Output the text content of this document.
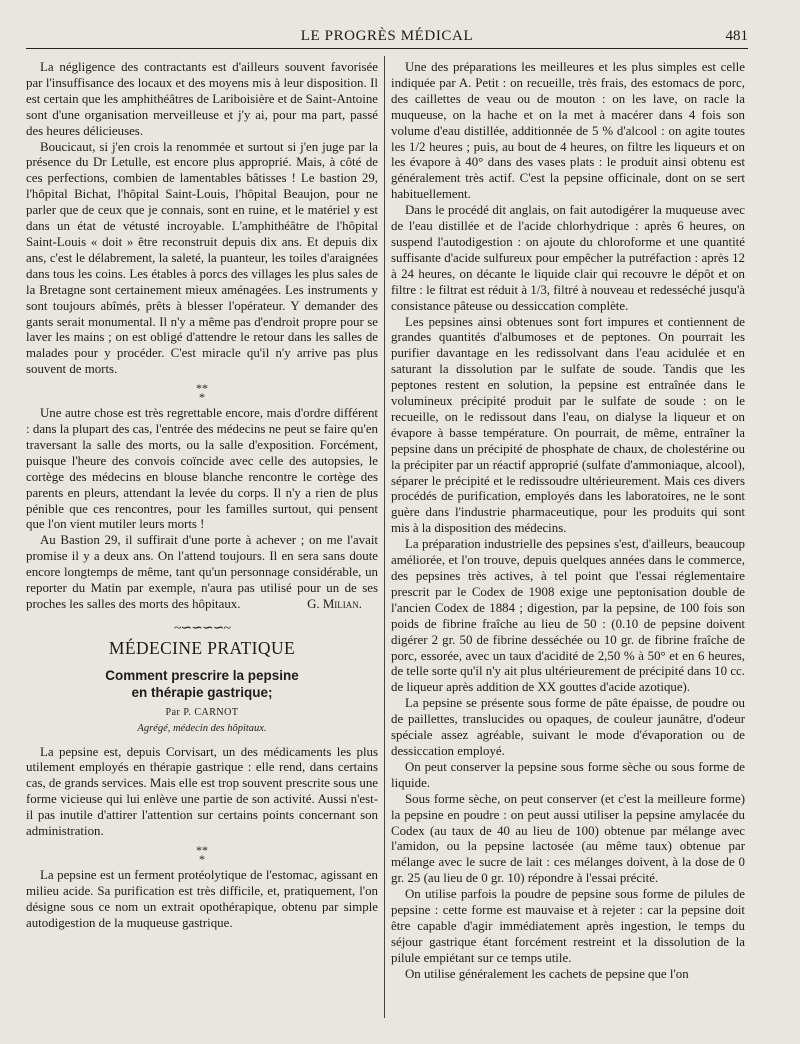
LE PROGRÈS MÉDICAL	481

La négligence des contractants est d'ailleurs souvent favorisée par l'insuffisance des locaux et des moyens mis à leur disposition. Il est certain que les amphithéâtres de Lariboisière et de Saint-Antoine sont d'une organisation merveilleuse et j'y ai, pour ma part, passé des heures délicieuses.

Boucicaut, si j'en crois la renommée et surtout si j'en juge par la présence du Dr Letulle, est encore plus approprié. Mais, à côté de ces perfections, combien de lamentables bâtisses ! Le bastion 29, l'hôpital Bichat, l'hôpital Saint-Louis, l'hôpital Beaujon, pour ne parler que de ceux que je connais, sont en ruine, et le matériel y est dans un état de vétusté incroyable. L'amphithéâtre de l'hôpital Saint-Louis « doit » être reconstruit depuis dix ans. Et depuis dix ans, c'est le délabrement, la saleté, la puanteur, les toiles d'araignées dans tous les coins. Les étables à porcs des villages les plus sales de la Bretagne sont certainement mieux aménagées. Les instruments y sont toujours abîmés, prêts à blesser l'opérateur. Y demander des gants serait monumental. Il n'y a même pas d'endroit propre pour se laver les mains ; on est obligé d'attendre le retour dans les salles de malades pour y procéder. C'est miracle qu'il n'y arrive pas plus souvent de morts.

**
*

Une autre chose est très regrettable encore, mais d'ordre différent : dans la plupart des cas, l'entrée des médecins ne peut se faire qu'en traversant la salle des morts, ou la salle d'exposition. Forcément, puisque l'heure des convois coïncide avec celle des autopsies, le cortège des médecins en blouse blanche rencontre le cortège des parents en pleurs, attendant la levée du corps. Il n'y a rien de plus pénible que ces rencontres, pour les familles surtout, qui pensent que l'on vient mutiler leurs morts !

Au Bastion 29, il suffirait d'une porte à achever ; on me l'avait promise il y a deux ans. On l'attend toujours. Il en sera sans doute encore longtemps de même, tant qu'un personnage considérable, un reporter du Matin par exemple, n'aura pas utilisé pour un de ses proches les salles des morts des hôpitaux.	G. Milian.
~∽∽∽∽~
MÉDECINE PRATIQUE
Comment prescrire la pepsine
en thérapie gastrique;
Par P. CARNOT
Agrégé, médecin des hôpitaux.

La pepsine est, depuis Corvisart, un des médicaments les plus utilement employés en thérapie gastrique : elle rend, dans certains cas, de grands services. Mais elle est trop souvent prescrite sous une forme vicieuse qui lui enlève une partie de son activité. Aussi n'est-il pas inutile d'attirer l'attention sur certains points concernant son administration.

**
*

La pepsine est un ferment protéolytique de l'estomac, agissant en milieu acide. Sa purification est très difficile, et, pratiquement, l'on désigne sous ce nom un extrait opothérapique, obtenu par simple autodigestion de la muqueuse gastrique.

Une des préparations les meilleures et les plus simples est celle indiquée par A. Petit : on recueille, très frais, des estomacs de porc, des caillettes de veau ou de mouton : on les lave, on racle la muqueuse, on la hache et on la met à macérer dans 4 fois son volume d'eau distillée, additionnée de 5 % d'alcool : on agite toutes les 1/2 heures ; puis, au bout de 4 heures, on filtre les liqueurs et on les évapore à 40° dans des vases plats : le produit ainsi obtenu est généralement très actif. C'est la pepsine officinale, dont on se sert habituellement.

Dans le procédé dit anglais, on fait autodigérer la muqueuse avec de l'eau distillée et de l'acide chlorhydrique : après 6 heures, on suspend l'autodigestion : on ajoute du chloroforme et une quantité suffisante d'acide sulfureux pour empêcher la putréfaction : après 12 à 24 heures, on décante le liquide clair qui recouvre le dépôt et on filtre : le filtrat est réduit à 1/3, filtré à nouveau et redesséché jusqu'à consistance pâteuse ou dessiccation complète.

Les pepsines ainsi obtenues sont fort impures et contiennent de grandes quantités d'albumoses et de peptones. On pourrait les purifier davantage en les redissolvant dans l'eau acidulée et en saturant la dissolution par le sulfate de soude. Tandis que les peptones restent en solution, la pepsine est entraînée dans le volumineux précipité produit par le sulfate de soude : on le recueille, on le redissout dans l'eau, on dialyse la liqueur et on évapore à basse température. On pourrait, de même, entraîner la pepsine dans un précipité de phosphate de chaux, de cholestérine ou la précipiter par un réactif approprié (sulfate d'ammoniaque, alcool), séparer le précipité et le redissoudre ultérieurement. Mais ces divers procédés de purification, employés dans les laboratoires, ne le sont guère dans l'industrie pharmaceutique, pour les produits qui sont mis à la disposition des médecins.

La préparation industrielle des pepsines s'est, d'ailleurs, beaucoup améliorée, et l'on trouve, depuis quelques années dans le commerce, des pepsines très actives, à tel point que l'essai réglementaire prescrit par le Codex de 1908 exige une peptonisation double de l'ancien Codex de 1884 ; digestion, par la pepsine, de 100 fois son poids de fibrine fraîche au lieu de 50 : (0.10 de pepsine doivent digérer 2 gr. 50 de fibrine desséchée ou 10 gr. de fibrine fraîche de porc, essorée, avec un taux d'acidité de 2,50 % à 50° et en 6 heures, de telle sorte qu'il n'y ait plus ultérieurement de précipité dans 10 cc. de liqueur après addition de XX gouttes d'acide azotique).

La pepsine se présente sous forme de pâte épaisse, de poudre ou de paillettes, translucides ou opaques, de couleur jaunâtre, d'odeur spéciale assez agréable, suivant le mode d'évaporation ou de dessiccation employé.

On peut conserver la pepsine sous forme sèche ou sous forme de liquide.

Sous forme sèche, on peut conserver (et c'est la meilleure forme) la pepsine en poudre : on peut aussi utiliser la pepsine amylacée du Codex (au taux de 40 au lieu de 100) obtenue par mélange avec l'amidon, ou la pepsine lactosée (au même taux) obtenue par mélange avec le sucre de lait : ces mélanges doivent, à la dose de 0 gr. 25 (au lieu de 0 gr. 10) répondre à l'essai précité.

On utilise parfois la poudre de pepsine sous forme de pilules de pepsine : cette forme est mauvaise et à rejeter : car la pepsine doit être capable d'agir immédiatement après ingestion, le temps du séjour gastrique étant forcément restreint et la dissolution de la pilule empiétant sur ce temps utile.

On utilise généralement les cachets de pepsine que l'on
